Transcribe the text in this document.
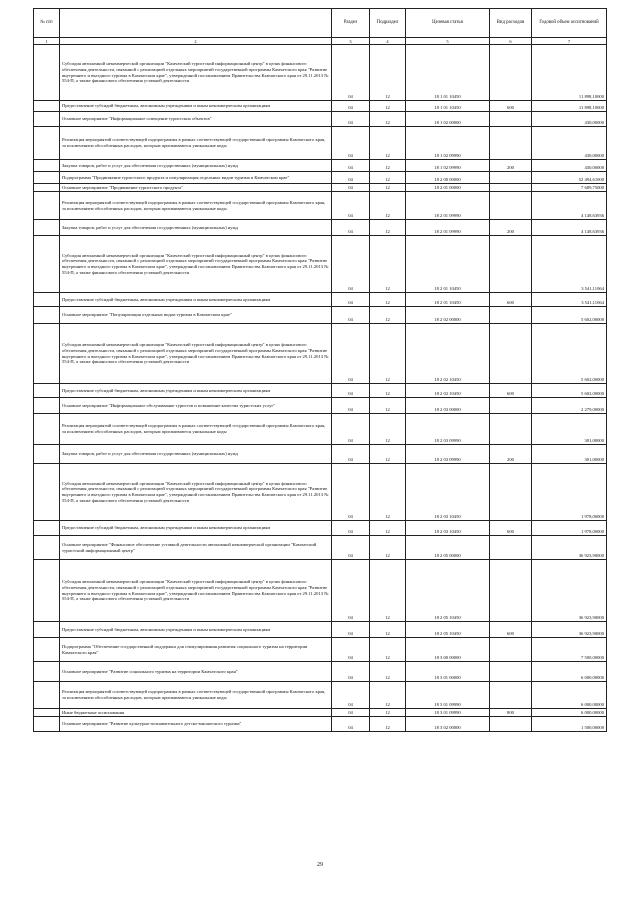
№ п/п		Раздел	Подраздел	Целевая статья	Вид расходов	Годовой объем ассигнований
1	2	3	4	5	6	7
	Субсидия автономной некоммерческой организации "Камчатский туристский информационный центр" в целях финансового обеспечения деятельности, связанной с реализацией отдельных мероприятий государственной программы Камчатского края "Развитие внутреннего и въездного туризма в Камчатском крае", утвержденной постановлением Правительства Камчатского края от 29.11.2013 № 554-П, а также финансового обеспечения уставной деятельности	04	12	18 1 01 10450		11 898,10000
	Предоставление субсидий бюджетным, автономным учреждениям и иным некоммерческим организациям	04	12	18 1 01 10450	600	11 898,10000
	Основное мероприятие "Информационное освещение туристских объектов"	04	12	18 1 02 00000		430,00000
	Реализация мероприятий соответствующей подпрограммы в рамках соответствующей государственной программы Камчатского края, за исключением обособленных расходов, которым присваиваются уникальные коды	04	12	18 1 02 09990		430,00000
	Закупка товаров, работ и услуг для обеспечения государственных (муниципальных) нужд	04	12	18 1 02 09990	200	430,00000
	Подпрограмма "Продвижение туристского продукта и популяризация отдельных видов туризма в Камчатском крае"	04	12	18 2 00 00000		52 494,61000
	Основное мероприятие "Продвижение туристского продукта"	04	12	18 2 01 00000		7 689,75000
	Реализация мероприятий соответствующей подпрограммы в рамках соответствующей государственной программы Камчатского края, за исключением обособленных расходов, которым присваиваются уникальные коды	04	12	18 2 01 09990		4 148,63936
	Закупка товаров, работ и услуг для обеспечения государственных (муниципальных) нужд	04	12	18 2 01 09990	200	4 148,63936
	Субсидия автономной некоммерческой организации "Камчатский туристский информационный центр" в целях финансового обеспечения деятельности, связанной с реализацией отдельных мероприятий государственной программы Камчатского края "Развитие внутреннего и въездного туризма в Камчатском крае", утвержденной постановлением Правительства Камчатского края от 29.11.2013 № 554-П, а также финансового обеспечения уставной деятельности	04	12	18 2 01 10450		3 541,11064
	Предоставление субсидий бюджетным, автономным учреждениям и иным некоммерческим организациям	04	12	18 2 01 10450	600	3 541,11064
	Основное мероприятие "Популяризация отдельных видов туризма в Камчатском крае"	04	12	18 2 02 00000		5 602,00000
	Субсидия автономной некоммерческой организации "Камчатский туристский информационный центр" в целях финансового обеспечения деятельности, связанной с реализацией отдельных мероприятий государственной программы Камчатского края "Развитие внутреннего и въездного туризма в Камчатском крае", утвержденной постановлением Правительства Камчатского края от 29.11.2013 № 554-П, а также финансового обеспечения уставной деятельности	04	12	18 2 02 10450		5 602,00000
	Предоставление субсидий бюджетным, автономным учреждениям и иным некоммерческим организациям	04	12	18 2 02 10450	600	5 602,00000
	Основное мероприятие "Информационное обслуживание туристов и повышение качества туристских услуг"	04	12	18 2 03 00000		2 279,00000
	Реализация мероприятий соответствующей подпрограммы в рамках соответствующей государственной программы Камчатского края, за исключением обособленных расходов, которым присваиваются уникальные коды	04	12	18 2 03 09990		301,00000
	Закупка товаров, работ и услуг для обеспечения государственных (муниципальных) нужд	04	12	18 2 03 09990	200	301,00000
	Субсидия автономной некоммерческой организации "Камчатский туристский информационный центр" в целях финансового обеспечения деятельности, связанной с реализацией отдельных мероприятий государственной программы Камчатского края "Развитие внутреннего и въездного туризма в Камчатском крае", утвержденной постановлением Правительства Камчатского края от 29.11.2013 № 554-П, а также финансового обеспечения уставной деятельности	04	12	18 2 03 10450		1 978,00000
	Предоставление субсидий бюджетным, автономным учреждениям и иным некоммерческим организациям	04	12	18 2 03 10450	600	1 978,00000
	Основное мероприятие "Финансовое обеспечение уставной деятельности автономной некоммерческой организации "Камчатский туристский информационный центр"	04	12	18 2 05 00000		36 923,90000
	Субсидия автономной некоммерческой организации "Камчатский туристский информационный центр" в целях финансового обеспечения деятельности, связанной с реализацией отдельных мероприятий государственной программы Камчатского края "Развитие внутреннего и въездного туризма в Камчатском крае", утвержденной постановлением Правительства Камчатского края от 29.11.2013 № 554-П, а также финансового обеспечения уставной деятельности	04	12	18 2 05 10450		36 923,90000
	Предоставление субсидий бюджетным, автономным учреждениям и иным некоммерческим организациям	04	12	18 2 05 10450	600	36 923,90000
	Подпрограмма "Обеспечение государственной поддержки для стимулирования развития социального туризма на территории Камчатского края"	04	12	18 3 00 00000		7 500,00000
	Основное мероприятие "Развитие социального туризма на территории Камчатского края"	04	12	18 3 01 00000		6 000,00000
	Реализация мероприятий соответствующей подпрограммы в рамках соответствующей государственной программы Камчатского края, за исключением обособленных расходов, которым присваиваются уникальные коды	04	12	18 3 01 09990		6 000,00000
	Иные бюджетные ассигнования	04	12	18 3 01 09990	800	6 000,00000
	Основное мероприятие "Развитие культурно-познавательного детско-юношеского туризма"	04	12	18 3 02 00000		1 500,00000
29
